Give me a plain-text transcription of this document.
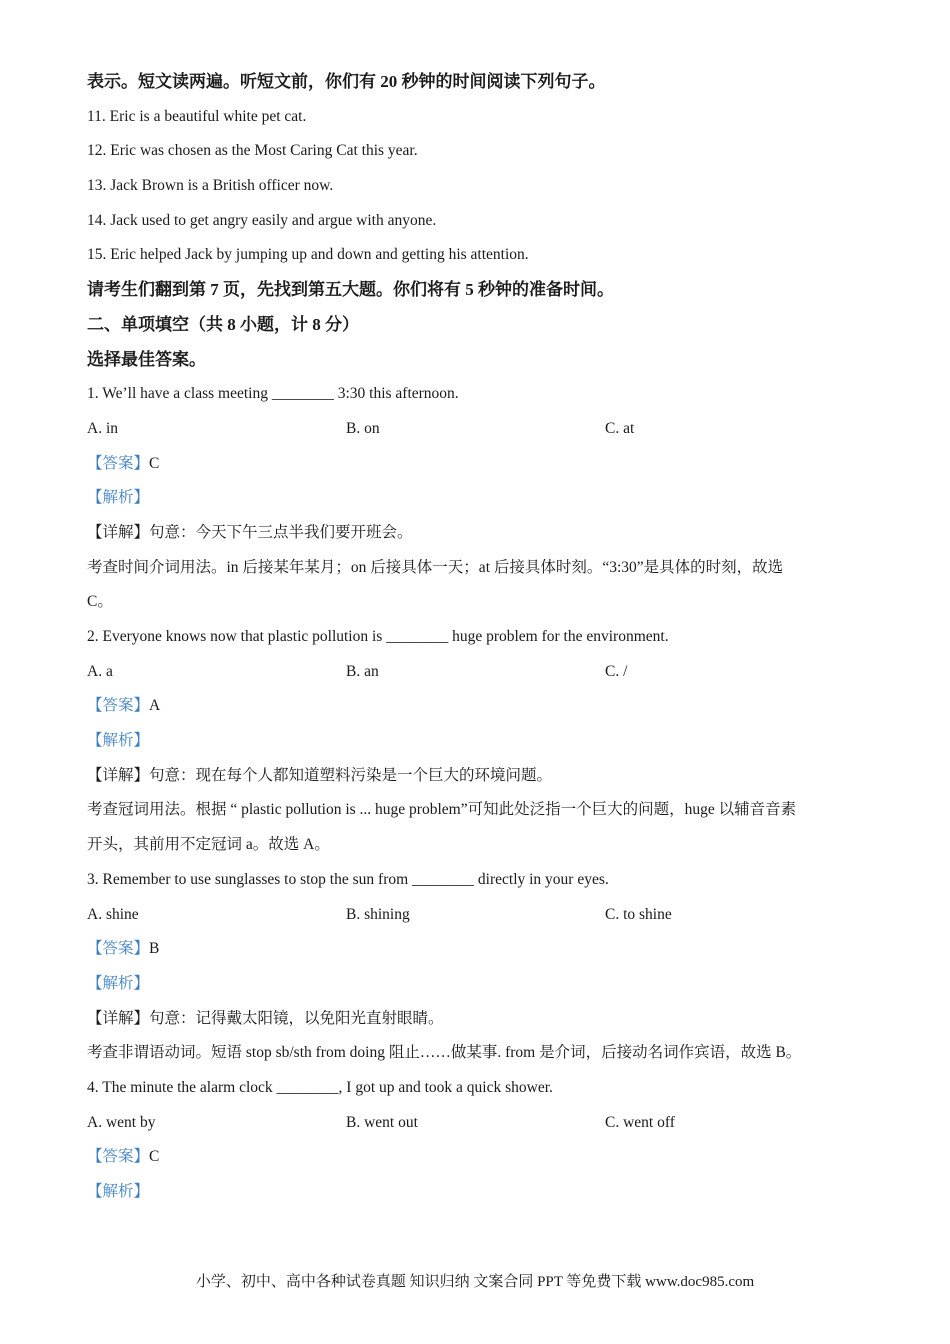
表示。短文读两遍。听短文前，你们有 20 秒钟的时间阅读下列句子。
11. Eric is a beautiful white pet cat.
12. Eric was chosen as the Most Caring Cat this year.
13. Jack Brown is a British officer now.
14. Jack used to get angry easily and argue with anyone.
15. Eric helped Jack by jumping up and down and getting his attention.
请考生们翻到第 7 页，先找到第五大题。你们将有 5 秒钟的准备时间。
二、单项填空（共 8 小题，计 8 分）
选择最佳答案。
1. We’ll have a class meeting ________ 3:30 this afternoon.
A. in	B. on	C. at
【答案】C
【解析】
【详解】句意：今天下午三点半我们要开班会。
考查时间介词用法。in 后接某年某月；on 后接具体一天；at 后接具体时刻。“3:30”是具体的时刻，故选
C。
2. Everyone knows now that plastic pollution is ________ huge problem for the environment.
A. a	B. an	C. /
【答案】A
【解析】
【详解】句意：现在每个人都知道塑料污染是一个巨大的环境问题。
考查冠词用法。根据 “ plastic pollution is ... huge problem”可知此处泛指一个巨大的问题，huge 以辅音音素
开头，其前用不定冠词 a。故选 A。
3. Remember to use sunglasses to stop the sun from ________ directly in your eyes.
A. shine	B. shining	C. to shine
【答案】B
【解析】
【详解】句意：记得戴太阳镜，以免阳光直射眼睛。
考查非谓语动词。短语 stop sb/sth from doing 阻止……做某事. from 是介词，后接动名词作宾语，故选 B。
4. The minute the alarm clock ________, I got up and took a quick shower.
A. went by	B. went out	C. went off
【答案】C
【解析】
小学、初中、高中各种试卷真题 知识归纳 文案合同 PPT 等免费下载 www.doc985.com
